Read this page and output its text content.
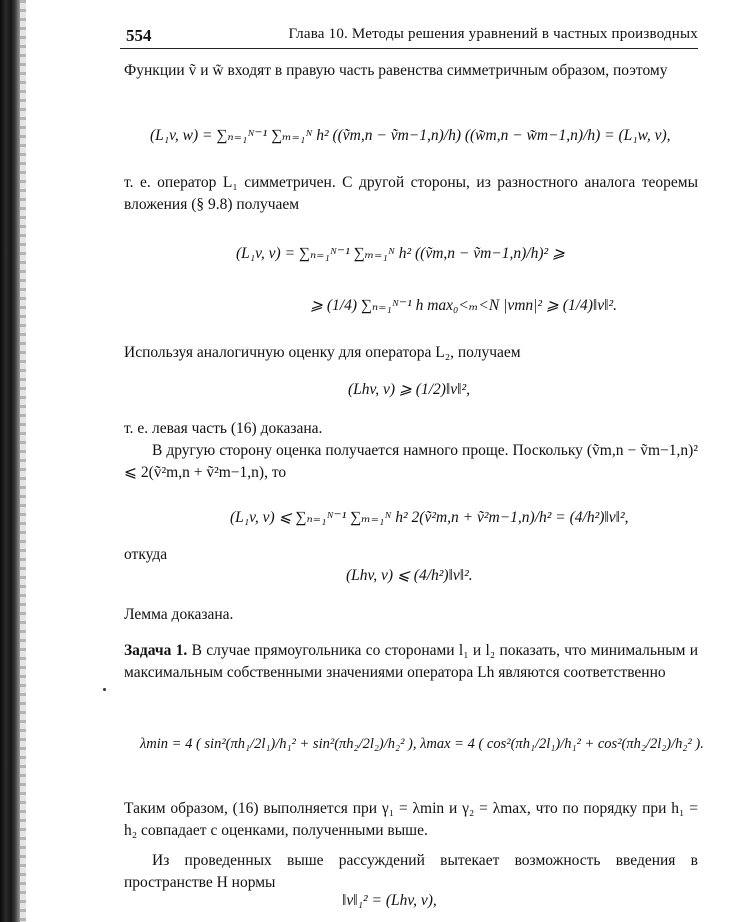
554	Глава 10. Методы решения уравнений в частных производных
Функции ṽ и w̃ входят в правую часть равенства симметричным образом, поэтому
(L₁v, w) = ∑ₙ₌₁ᴺ⁻¹ ∑ₘ₌₁ᴺ h² ((ṽm,n − ṽm−1,n)/h) ((w̃m,n − w̃m−1,n)/h) = (L₁w, v),
т. е. оператор L₁ симметричен. С другой стороны, из разностного аналога теоремы вложения (§ 9.8) получаем
(L₁v, v) = ∑ₙ₌₁ᴺ⁻¹ ∑ₘ₌₁ᴺ h² ((ṽm,n − ṽm−1,n)/h)² ⩾
⩾ (1/4) ∑ₙ₌₁ᴺ⁻¹ h max₀<ₘ<N |vmn|² ⩾ (1/4)‖v‖².
Используя аналогичную оценку для оператора L₂, получаем
(Lhv, v) ⩾ (1/2)‖v‖²,
т. е. левая часть (16) доказана.
В другую сторону оценка получается намного проще. Поскольку (ṽm,n − ṽm−1,n)² ⩽ 2(ṽ²m,n + ṽ²m−1,n), то
(L₁v, v) ⩽ ∑ₙ₌₁ᴺ⁻¹ ∑ₘ₌₁ᴺ h² 2(ṽ²m,n + ṽ²m−1,n)/h² = (4/h²)‖v‖²,
откуда
(Lhv, v) ⩽ (4/h²)‖v‖².
Лемма доказана.
Задача 1. В случае прямоугольника со сторонами l₁ и l₂ показать, что минимальным и максимальным собственными значениями оператора Lh являются соответственно
λmin = 4 ( sin²(πh₁/2l₁)/h₁² + sin²(πh₂/2l₂)/h₂² ), λmax = 4 ( cos²(πh₁/2l₁)/h₁² + cos²(πh₂/2l₂)/h₂² ).
Таким образом, (16) выполняется при γ₁ = λmin и γ₂ = λmax, что по порядку при h₁ = h₂ совпадает с оценками, полученными выше.
Из проведенных выше рассуждений вытекает возможность введения в пространстве H нормы
‖v‖₁² = (Lhv, v),
